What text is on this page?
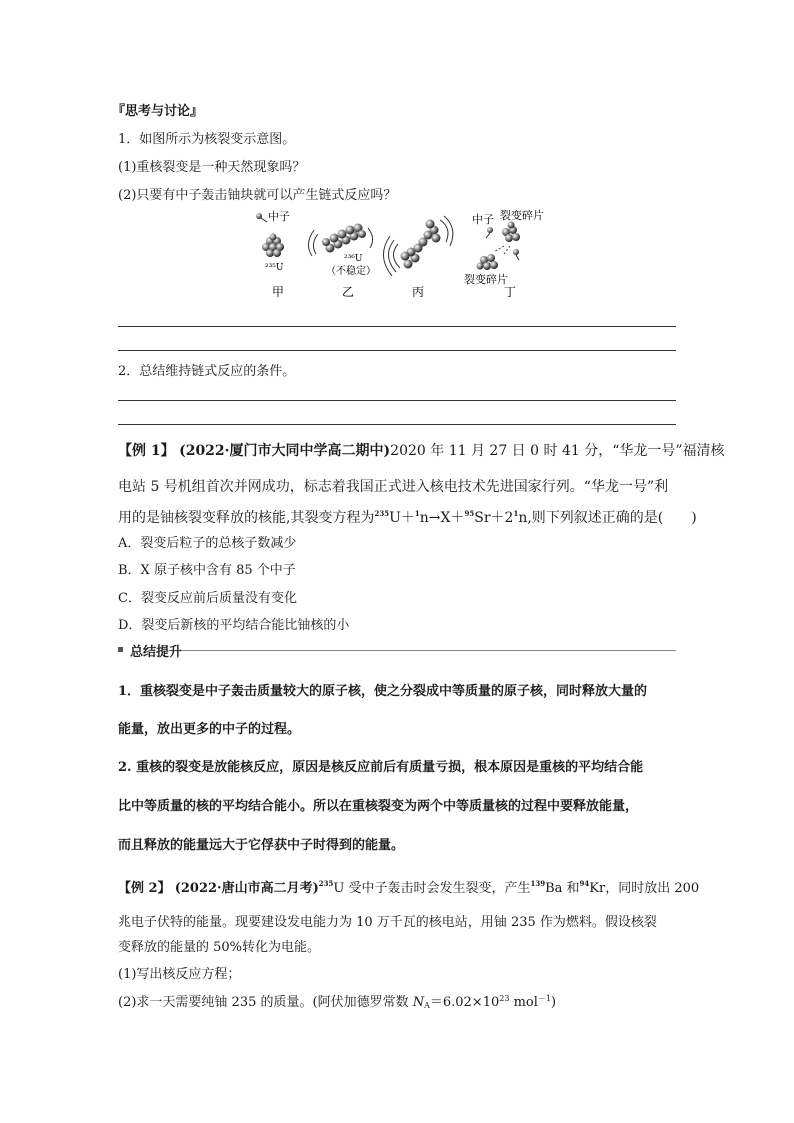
『思考与讨论』
1．如图所示为核裂变示意图。
(1)重核裂变是一种天然现象吗？
(2)只要有中子轰击铀块就可以产生链式反应吗？
中子
²³⁵U
甲
²³⁶U
（不稳定）
乙	丙
中子 裂变碎片
裂变碎片
丁
2．总结维持链式反应的条件。
【例 1】 (2022·厦门市大同中学高二期中)2020 年 11 月 27 日 0 时 41 分，“华龙一号”福清核
电站 5 号机组首次并网成功，标志着我国正式进入核电技术先进国家行列。“华龙一号”利
用的是铀核裂变释放的核能,其裂变方程为$^{235}U+^1n\to X+^{95}Sr+2^1n$,则下列叙述正确的是(　　)
A．裂变后粒子的总核子数减少
B．X 原子核中含有 85 个中子
C．裂变反应前后质量没有变化
D．裂变后新核的平均结合能比铀核的小
总结提升
1．重核裂变是中子轰击质量较大的原子核，使之分裂成中等质量的原子核，同时释放大量的
能量，放出更多的中子的过程。
2. 重核的裂变是放能核反应，原因是核反应前后有质量亏损，根本原因是重核的平均结合能
比中等质量的核的平均结合能小。所以在重核裂变为两个中等质量核的过程中要释放能量，
而且释放的能量远大于它俘获中子时得到的能量。
【例 2】 (2022·唐山市高二月考)$^{235}$U 受中子轰击时会发生裂变，产生$^{139}$Ba 和$^{94}$Kr，同时放出 200
兆电子伏特的能量。现要建设发电能力为 10 万千瓦的核电站，用铀 235 作为燃料。假设核裂
变释放的能量的 50%转化为电能。
(1)写出核反应方程；
(2)求一天需要纯铀 235 的质量。(阿伏加德罗常数 $N_A=6.02\times 10^{23}$ mol$^{-1}$)
